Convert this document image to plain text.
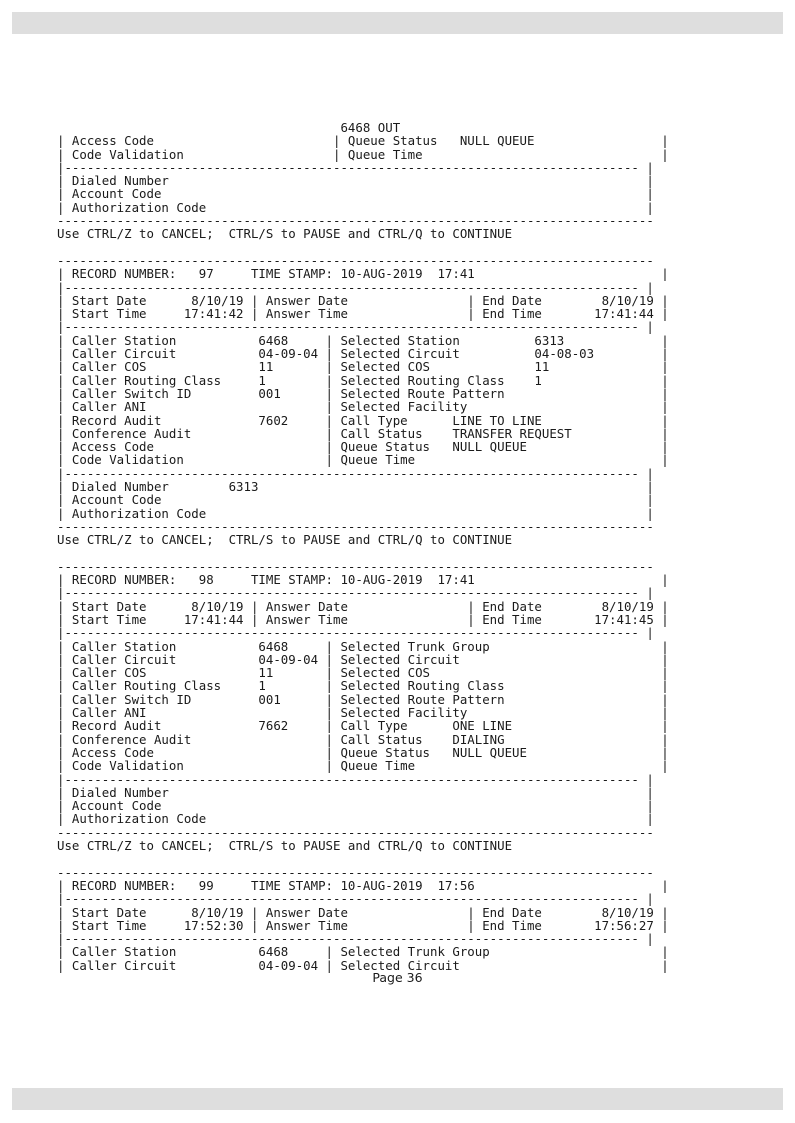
6468 OUT
| Access Code                        | Queue Status   NULL QUEUE                 |
| Code Validation                    | Queue Time                                |
|----------------------------------------------------------------------------- |
| Dialed Number                                                                |
| Account Code                                                                 |
| Authorization Code                                                           |
--------------------------------------------------------------------------------
Use CTRL/Z to CANCEL;  CTRL/S to PAUSE and CTRL/Q to CONTINUE

--------------------------------------------------------------------------------
| RECORD NUMBER:   97     TIME STAMP: 10-AUG-2019  17:41                         |
|----------------------------------------------------------------------------- |
| Start Date      8/10/19 | Answer Date                | End Date        8/10/19 |
| Start Time     17:41:42 | Answer Time                | End Time       17:41:44 |
|----------------------------------------------------------------------------- |
| Caller Station           6468     | Selected Station          6313             |
| Caller Circuit           04-09-04 | Selected Circuit          04-08-03         |
| Caller COS               11       | Selected COS              11               |
| Caller Routing Class     1        | Selected Routing Class    1                |
| Caller Switch ID         001      | Selected Route Pattern                     |
| Caller ANI                        | Selected Facility                          |
| Record Audit             7602     | Call Type      LINE TO LINE                |
| Conference Audit                  | Call Status    TRANSFER REQUEST            |
| Access Code                       | Queue Status   NULL QUEUE                  |
| Code Validation                   | Queue Time                                 |
|----------------------------------------------------------------------------- |
| Dialed Number        6313                                                    |
| Account Code                                                                 |
| Authorization Code                                                           |
--------------------------------------------------------------------------------
Use CTRL/Z to CANCEL;  CTRL/S to PAUSE and CTRL/Q to CONTINUE

--------------------------------------------------------------------------------
| RECORD NUMBER:   98     TIME STAMP: 10-AUG-2019  17:41                         |
|----------------------------------------------------------------------------- |
| Start Date      8/10/19 | Answer Date                | End Date        8/10/19 |
| Start Time     17:41:44 | Answer Time                | End Time       17:41:45 |
|----------------------------------------------------------------------------- |
| Caller Station           6468     | Selected Trunk Group                       |
| Caller Circuit           04-09-04 | Selected Circuit                           |
| Caller COS               11       | Selected COS                               |
| Caller Routing Class     1        | Selected Routing Class                     |
| Caller Switch ID         001      | Selected Route Pattern                     |
| Caller ANI                        | Selected Facility                          |
| Record Audit             7662     | Call Type      ONE LINE                    |
| Conference Audit                  | Call Status    DIALING                     |
| Access Code                       | Queue Status   NULL QUEUE                  |
| Code Validation                   | Queue Time                                 |
|----------------------------------------------------------------------------- |
| Dialed Number                                                                |
| Account Code                                                                 |
| Authorization Code                                                           |
--------------------------------------------------------------------------------
Use CTRL/Z to CANCEL;  CTRL/S to PAUSE and CTRL/Q to CONTINUE

--------------------------------------------------------------------------------
| RECORD NUMBER:   99     TIME STAMP: 10-AUG-2019  17:56                         |
|----------------------------------------------------------------------------- |
| Start Date      8/10/19 | Answer Date                | End Date        8/10/19 |
| Start Time     17:52:30 | Answer Time                | End Time       17:56:27 |
|----------------------------------------------------------------------------- |
| Caller Station           6468     | Selected Trunk Group                       |
| Caller Circuit           04-09-04 | Selected Circuit                           |
Page 36
